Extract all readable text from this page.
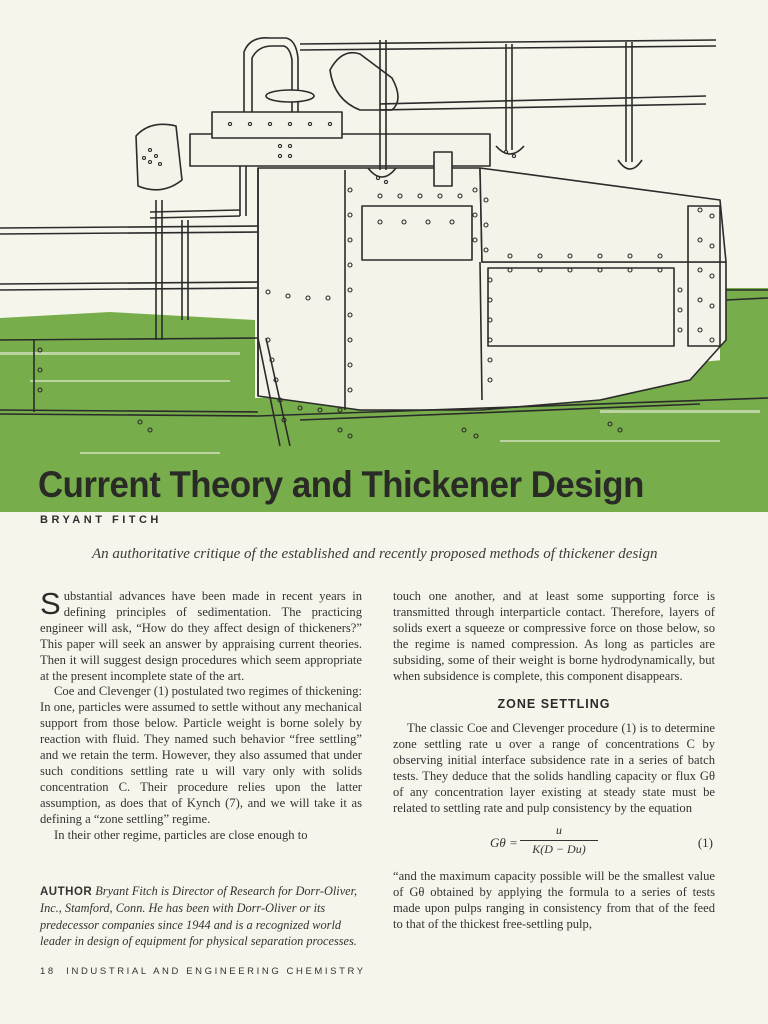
Current Theory and Thickener Design
BRYANT FITCH
An authoritative critique of the established and recently proposed methods of thickener design

Substantial advances have been made in recent years in defining principles of sedimentation. The practicing engineer will ask, “How do they affect design of thickeners?” This paper will seek an answer by appraising current theories. Then it will suggest design procedures which seem appropriate at the present incomplete state of the art.

Coe and Clevenger (1) postulated two regimes of thickening: In one, particles were assumed to settle without any mechanical support from those below. Particle weight is borne solely by reaction with fluid. They named such behavior “free settling” and we retain the term. However, they also assumed that under such conditions settling rate u will vary only with solids concentration C. Their procedure relies upon the latter assumption, as does that of Kynch (7), and we will take it as defining a “zone settling” regime.

In their other regime, particles are close enough to

AUTHOR Bryant Fitch is Director of Research for Dorr-Oliver, Inc., Stamford, Conn. He has been with Dorr-Oliver or its predecessor companies since 1944 and is a recognized world leader in design of equipment for physical separation processes.

touch one another, and at least some supporting force is transmitted through interparticle contact. Therefore, layers of solids exert a squeeze or compressive force on those below, so the regime is named compression. As long as particles are subsiding, some of their weight is borne hydrodynamically, but when subsidence is complete, this component disappears.

ZONE SETTLING

The classic Coe and Clevenger procedure (1) is to determine zone settling rate u over a range of concentrations C by observing initial interface subsidence rate in a series of batch tests. They deduce that the solids handling capacity or flux Gθ of any concentration layer existing at steady state must be related to settling rate and pulp consistency by the equation

$G\theta = \frac{u}{K(D - Du)}$	(1)

“and the maximum capacity possible will be the smallest value of Gθ obtained by applying the formula to a series of tests made upon pulps ranging in consistency from that of the feed to that of the thickest free-settling pulp,

18 INDUSTRIAL AND ENGINEERING CHEMISTRY
